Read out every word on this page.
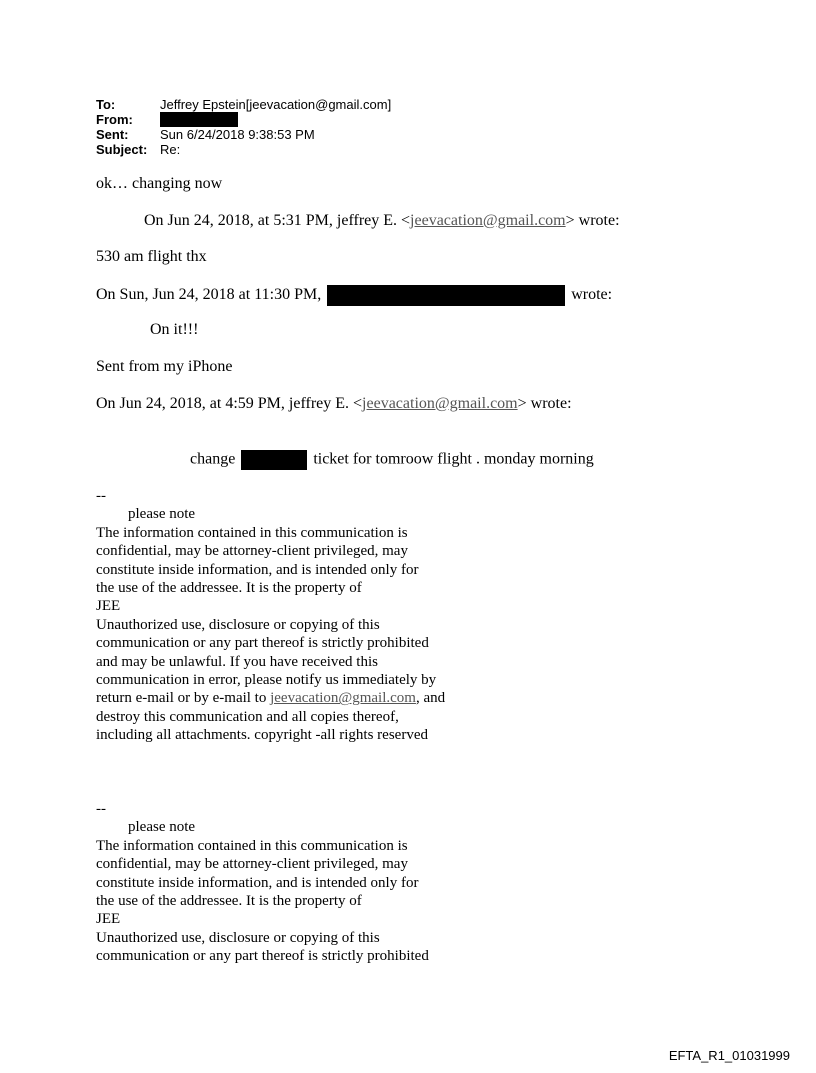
To:	Jeffrey Epstein[jeevacation@gmail.com]
From:
Sent: Sun 6/24/2018 9:38:53 PM
Subject: Re:
ok… changing now
On Jun 24, 2018, at 5:31 PM, jeffrey E. <jeevacation@gmail.com> wrote:
530 am flight thx
On Sun, Jun 24, 2018 at 11:30 PM,	wrote:
On it!!!
Sent from my iPhone
On Jun 24, 2018, at 4:59 PM, jeffrey E. <jeevacation@gmail.com> wrote:
change	ticket for tomroow flight . monday morning
--
please note
The information contained in this communication is
confidential, may be attorney-client privileged, may
constitute inside information, and is intended only for
the use of the addressee. It is the property of
JEE
Unauthorized use, disclosure or copying of this
communication or any part thereof is strictly prohibited
and may be unlawful. If you have received this
communication in error, please notify us immediately by
return e-mail or by e-mail to jeevacation@gmail.com, and
destroy this communication and all copies thereof,
including all attachments. copyright -all rights reserved
--
please note
The information contained in this communication is
confidential, may be attorney-client privileged, may
constitute inside information, and is intended only for
the use of the addressee. It is the property of
JEE
Unauthorized use, disclosure or copying of this
communication or any part thereof is strictly prohibited
EFTA_R1_01031999
